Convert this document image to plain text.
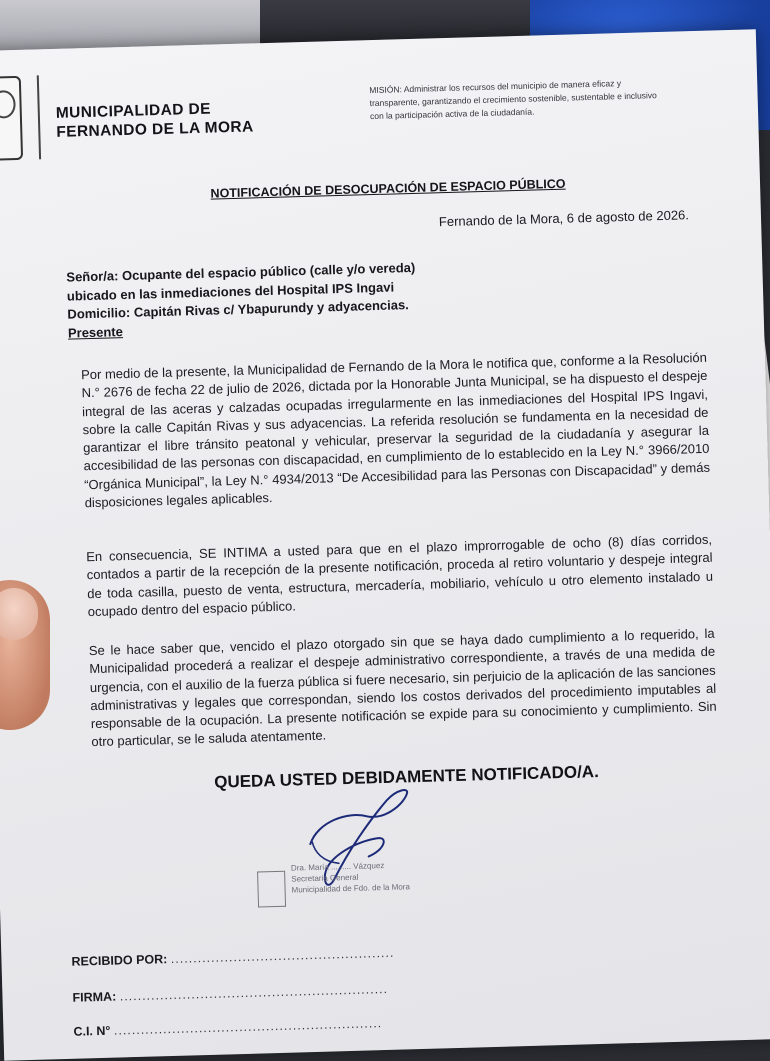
MUNICIPALIDAD DE
FERNANDO DE LA MORA
MISIÓN: Administrar los recursos del municipio de manera eficaz y transparente, garantizando el crecimiento sostenible, sustentable e inclusivo con la participación activa de la ciudadanía.
NOTIFICACIÓN DE DESOCUPACIÓN DE ESPACIO PÚBLICO
Fernando de la Mora, 6 de agosto de 2026.
Señor/a: Ocupante del espacio público (calle y/o vereda)
ubicado en las inmediaciones del Hospital IPS Ingavi
Domicilio: Capitán Rivas c/ Ybapurundy y adyacencias.
Presente
Por medio de la presente, la Municipalidad de Fernando de la Mora le notifica que, conforme a la Resolución N.° 2676 de fecha 22 de julio de 2026, dictada por la Honorable Junta Municipal, se ha dispuesto el despeje integral de las aceras y calzadas ocupadas irregularmente en las inmediaciones del Hospital IPS Ingavi, sobre la calle Capitán Rivas y sus adyacencias. La referida resolución se fundamenta en la necesidad de garantizar el libre tránsito peatonal y vehicular, preservar la seguridad de la ciudadanía y asegurar la accesibilidad de las personas con discapacidad, en cumplimiento de lo establecido en la Ley N.° 3966/2010 “Orgánica Municipal”, la Ley N.° 4934/2013 “De Accesibilidad para las Personas con Discapacidad” y demás disposiciones legales aplicables.
En consecuencia, SE INTIMA a usted para que en el plazo improrrogable de ocho (8) días corridos, contados a partir de la recepción de la presente notificación, proceda al retiro voluntario y despeje integral de toda casilla, puesto de venta, estructura, mercadería, mobiliario, vehículo u otro elemento instalado u ocupado dentro del espacio público.
Se le hace saber que, vencido el plazo otorgado sin que se haya dado cumplimiento a lo requerido, la Municipalidad procederá a realizar el despeje administrativo correspondiente, a través de una medida de urgencia, con el auxilio de la fuerza pública si fuere necesario, sin perjuicio de la aplicación de las sanciones administrativas y legales que correspondan, siendo los costos derivados del procedimiento imputables al responsable de la ocupación. La presente notificación se expide para su conocimiento y cumplimiento. Sin otro particular, se le saluda atentamente.
QUEDA USTED DEBIDAMENTE NOTIFICADO/A.
Dra. María ......... Vázquez
Secretaria General
Municipalidad de Fdo. de la Mora
RECIBIDO POR: ..................................................
FIRMA: ............................................................
C.I. N° ............................................................
